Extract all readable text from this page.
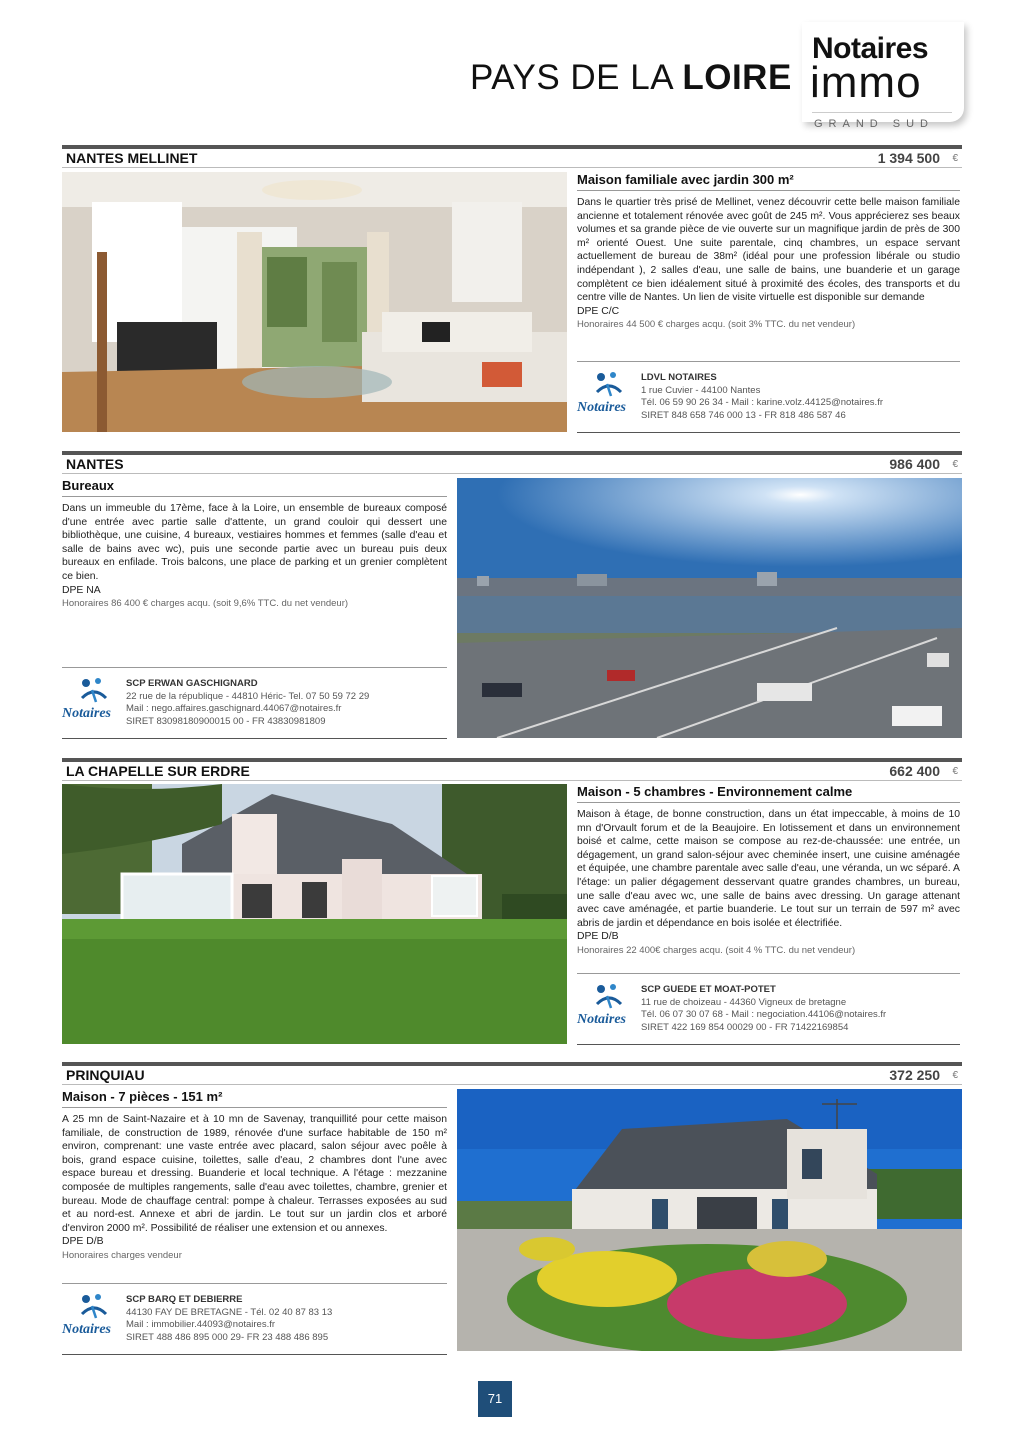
PAYS DE LA LOIRE
Notaires
immo
GRAND SUD
NANTES MELLINET	1 394 500 €
Maison familiale avec jardin 300 m²
Dans le quartier très prisé de Mellinet, venez découvrir cette belle maison familiale ancienne et totalement rénovée avec goût de 245 m². Vous apprécierez ses beaux volumes et sa grande pièce de vie ouverte sur un magnifique jardin de près de 300 m² orienté Ouest. Une suite parentale, cinq chambres, un espace servant actuellement de bureau de 38m² (idéal pour une profession libérale ou studio indépendant ), 2 salles d'eau, une salle de bains, une buanderie et un garage complètent ce bien idéalement situé à proximité des écoles, des transports et du centre ville de Nantes. Un lien de visite virtuelle est disponible sur demande
DPE C/C
Honoraires 44 500 € charges acqu. (soit 3% TTC. du net vendeur)
Notaires
LDVL NOTAIRES
1 rue Cuvier - 44100 Nantes
Tél. 06 59 90 26 34 - Mail : karine.volz.44125@notaires.fr
SIRET 848 658 746 000 13 - FR 818 486 587 46
NANTES	986 400 €
Bureaux
Dans un immeuble du 17ème, face à la Loire, un ensemble de bureaux composé d'une entrée avec partie salle d'attente, un grand couloir qui dessert une bibliothèque, une cuisine, 4 bureaux, vestiaires hommes et femmes (salle d'eau et salle de bains avec wc), puis une seconde partie avec un bureau puis deux bureaux en enfilade. Trois balcons, une place de parking et un grenier complètent ce bien.
DPE NA
Honoraires 86 400 € charges acqu. (soit 9,6% TTC. du net vendeur)
Notaires
SCP ERWAN GASCHIGNARD
22 rue de la république - 44810 Héric- Tel. 07 50 59 72 29
Mail : nego.affaires.gaschignard.44067@notaires.fr
SIRET 83098180900015 00 - FR 43830981809
LA CHAPELLE SUR ERDRE	662 400 €
Maison - 5 chambres - Environnement calme
Maison à étage, de bonne construction, dans un état impeccable, à moins de 10 mn d'Orvault forum et de la Beaujoire. En lotissement et dans un environnement boisé et calme, cette maison se compose au rez-de-chaussée: une entrée, un dégagement, un grand salon-séjour avec cheminée insert, une cuisine aménagée et équipée, une chambre parentale avec salle d'eau, une véranda, un wc séparé. A l'étage: un palier dégagement desservant quatre grandes chambres, un bureau, une salle d'eau avec wc, une salle de bains avec dressing. Un garage attenant avec cave aménagée, et partie buanderie. Le tout sur un terrain de 597 m² avec abris de jardin et dépendance en bois isolée et électrifiée.
DPE D/B
Honoraires 22 400€ charges acqu. (soit 4 % TTC. du net vendeur)
Notaires
SCP GUEDE ET MOAT-POTET
11 rue de choizeau - 44360 Vigneux de bretagne
Tél. 06 07 30 07 68 - Mail : negociation.44106@notaires.fr
SIRET 422 169 854 00029 00 - FR 71422169854
PRINQUIAU	372 250 €
Maison - 7 pièces - 151 m²
A 25 mn de Saint-Nazaire et à 10 mn de Savenay, tranquillité pour cette maison familiale, de construction de 1989, rénovée d'une surface habitable de 150 m² environ, comprenant: une vaste entrée avec placard, salon séjour avec poêle à bois, grand espace cuisine, toilettes, salle d'eau, 2 chambres dont l'une avec espace bureau et dressing. Buanderie et local technique. A l'étage : mezzanine composée de multiples rangements, salle d'eau avec toilettes, chambre, grenier et bureau. Mode de chauffage central: pompe à chaleur. Terrasses exposées au sud et au nord-est. Annexe et abri de jardin. Le tout sur un jardin clos et arboré d'environ 2000 m². Possibilité de réaliser une extension et ou annexes.
DPE D/B
Honoraires charges vendeur
Notaires
SCP BARQ ET DEBIERRE
44130 FAY DE BRETAGNE - Tél. 02 40 87 83 13
Mail : immobilier.44093@notaires.fr
SIRET 488 486 895 000 29- FR 23 488 486 895
71
